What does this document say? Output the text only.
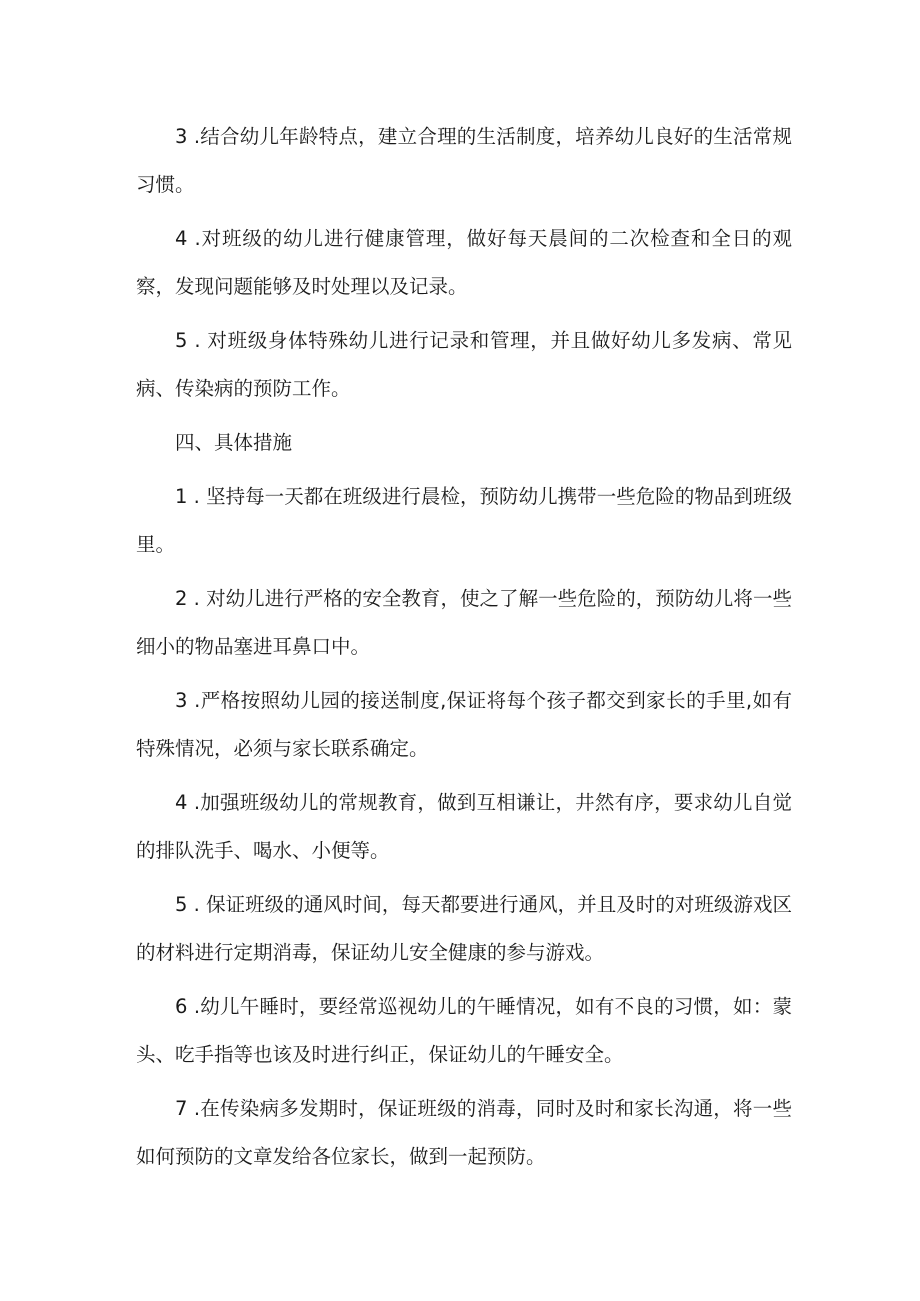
3 .结合幼儿年龄特点，建立合理的生活制度，培养幼儿良好的生活常规习惯。

4 .对班级的幼儿进行健康管理，做好每天晨间的二次检查和全日的观察，发现问题能够及时处理以及记录。

5 . 对班级身体特殊幼儿进行记录和管理，并且做好幼儿多发病、常见病、传染病的预防工作。

四、具体措施

1 . 坚持每一天都在班级进行晨检，预防幼儿携带一些危险的物品到班级里。

2 . 对幼儿进行严格的安全教育，使之了解一些危险的，预防幼儿将一些细小的物品塞进耳鼻口中。

3 .严格按照幼儿园的接送制度,保证将每个孩子都交到家长的手里,如有特殊情况，必须与家长联系确定。

4 .加强班级幼儿的常规教育，做到互相谦让，井然有序，要求幼儿自觉的排队洗手、喝水、小便等。

5 . 保证班级的通风时间，每天都要进行通风，并且及时的对班级游戏区的材料进行定期消毒，保证幼儿安全健康的参与游戏。

6 .幼儿午睡时，要经常巡视幼儿的午睡情况，如有不良的习惯，如：蒙头、吃手指等也该及时进行纠正，保证幼儿的午睡安全。

7 .在传染病多发期时，保证班级的消毒，同时及时和家长沟通，将一些如何预防的文章发给各位家长，做到一起预防。
